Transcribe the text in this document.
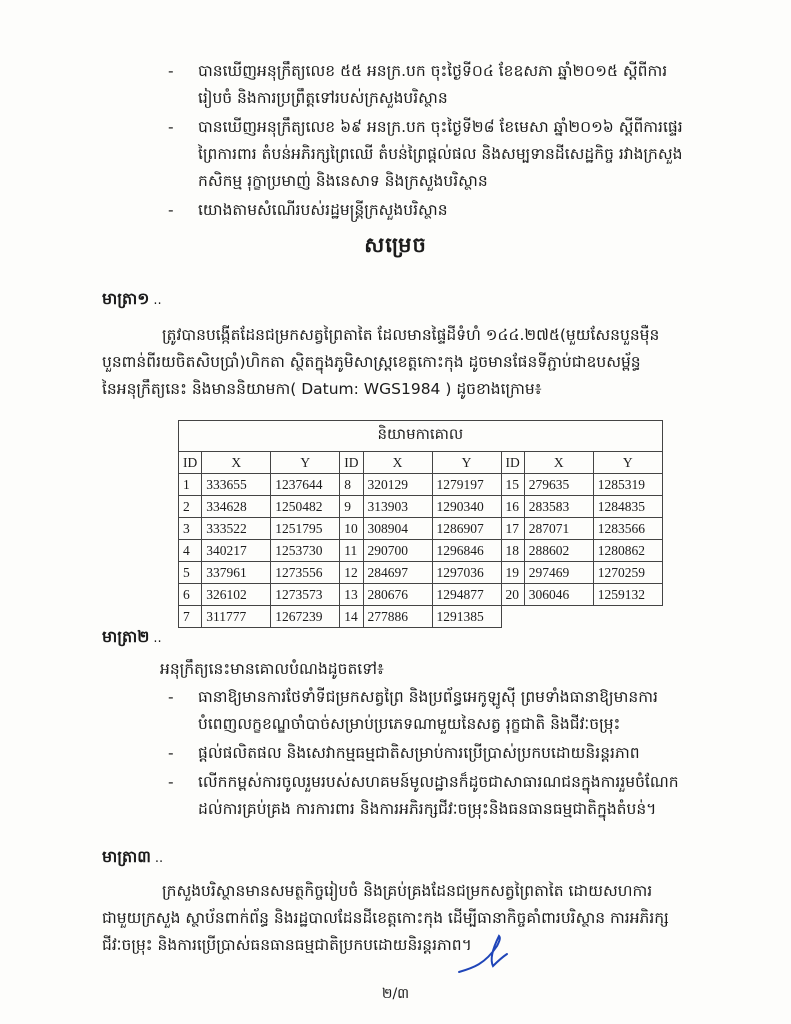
- បានឃើញអនុក្រឹត្យលេខ ៥៥ អនក្រ.បក ចុះថ្ងៃទី០៤ ខែឧសភា ឆ្នាំ២០១៥ ស្តីពីការ
រៀបចំ និងការប្រព្រឹត្តទៅរបស់ក្រសួងបរិស្ថាន
- បានឃើញអនុក្រឹត្យលេខ ៦៩ អនក្រ.បក ចុះថ្ងៃទី២៨ ខែមេសា ឆ្នាំ២០១៦ ស្តីពីការផ្ទេរ
ព្រៃការពារ តំបន់អភិរក្សព្រៃឈើ តំបន់ព្រៃផ្តល់ផល និងសម្បទានដីសេដ្ឋកិច្ច រវាងក្រសួង
កសិកម្ម រុក្ខាប្រមាញ់ និងនេសាទ និងក្រសួងបរិស្ថាន
- យោងតាមសំណើរបស់រដ្ឋមន្ត្រីក្រសួងបរិស្ថាន
សម្រេច
មាត្រា១ ..
ត្រូវបានបង្កើតដែនជម្រកសត្វព្រៃតាតៃ ដែលមានផ្ទៃដីទំហំ ១៤៤.២៧៥(មួយសែនបួនម៉ឺន
បួនពាន់ពីរយចិតសិបប្រាំ)ហិកតា ស្ថិតក្នុងភូមិសាស្ត្រខេត្តកោះកុង ដូចមានផែនទីភ្ជាប់ជាឧបសម្ព័ន្ធ
នៃអនុក្រឹត្យនេះ និងមាននិយាមកា( Datum: WGS1984 ) ដូចខាងក្រោម៖
និយាមកាគោល								
ID	X	Y	ID	X	Y	ID	X	Y
1	333655	1237644	8	320129	1279197	15	279635	1285319
2	334628	1250482	9	313903	1290340	16	283583	1284835
3	333522	1251795	10	308904	1286907	17	287071	1283566
4	340217	1253730	11	290700	1296846	18	288602	1280862
5	337961	1273556	12	284697	1297036	19	297469	1270259
6	326102	1273573	13	280676	1294877	20	306046	1259132
7	311777	1267239	14	277886	1291385			
មាត្រា២ ..
អនុក្រឹត្យនេះមានគោលបំណងដូចតទៅ៖
- ធានាឱ្យមានការថែទាំទីជម្រកសត្វព្រៃ និងប្រព័ន្ធអេកូឡូស៊ី ព្រមទាំងធានាឱ្យមានការ
បំពេញលក្ខខណ្ឌចាំបាច់សម្រាប់ប្រភេទណាមួយនៃសត្វ រុក្ខជាតិ និងជីវៈចម្រុះ
- ផ្តល់ផលិតផល និងសេវាកម្មធម្មជាតិសម្រាប់ការប្រើប្រាស់ប្រកបដោយនិរន្តរភាព
- លើកកម្ពស់ការចូលរួមរបស់សហគមន៍មូលដ្ឋានក៏ដូចជាសាធារណជនក្នុងការរួមចំណែក
ដល់ការគ្រប់គ្រង ការការពារ និងការអភិរក្សជីវៈចម្រុះនិងធនធានធម្មជាតិក្នុងតំបន់។
មាត្រា៣ ..
ក្រសួងបរិស្ថានមានសមត្ថកិច្ចរៀបចំ និងគ្រប់គ្រងដែនជម្រកសត្វព្រៃតាតៃ ដោយសហការ
ជាមួយក្រសួង ស្ថាប័នពាក់ព័ន្ធ និងរដ្ឋបាលដែនដីខេត្តកោះកុង ដើម្បីធានាកិច្ចគាំពារបរិស្ថាន ការអភិរក្ស
ជីវៈចម្រុះ និងការប្រើប្រាស់ធនធានធម្មជាតិប្រកបដោយនិរន្តរភាព។
២/៣
